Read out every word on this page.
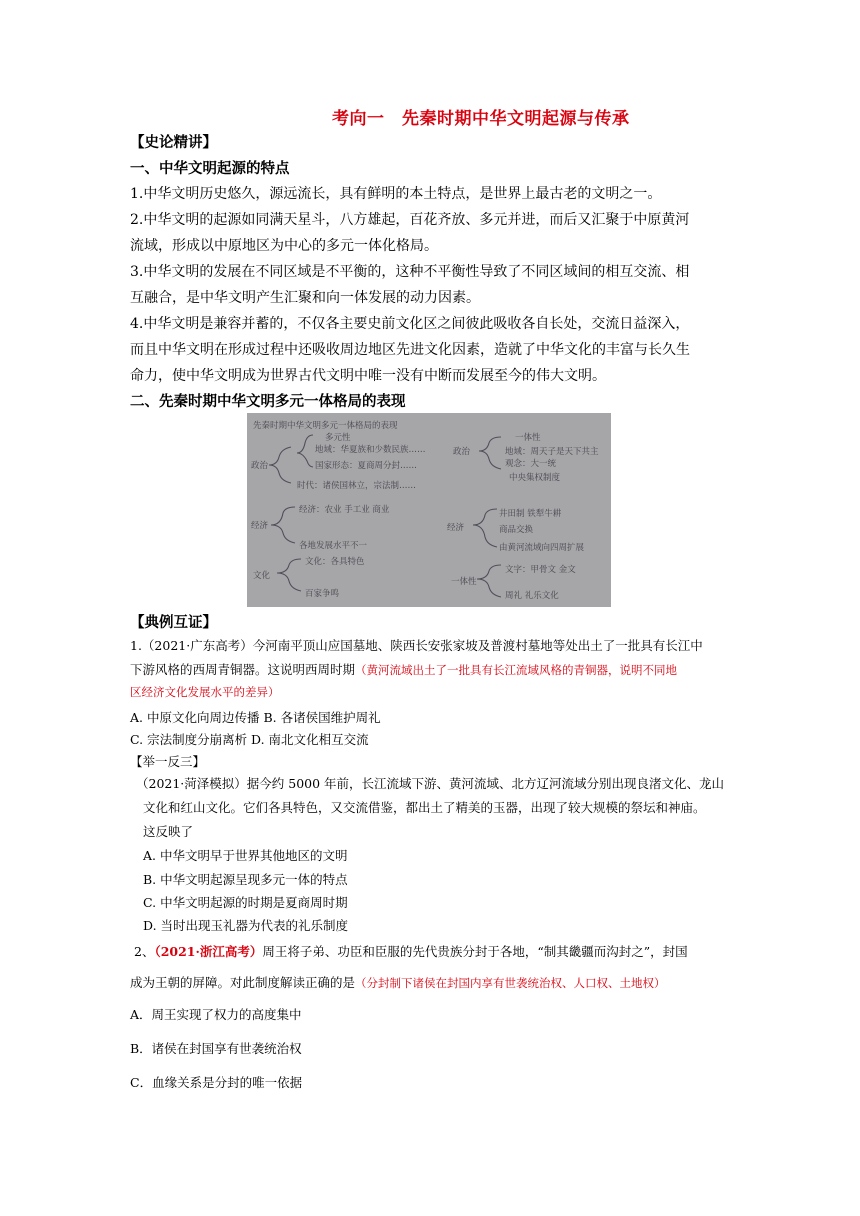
考向一　先秦时期中华文明起源与传承
【史论精讲】
一、中华文明起源的特点
1.中华文明历史悠久，源远流长，具有鲜明的本土特点，是世界上最古老的文明之一。
2.中华文明的起源如同满天星斗，八方雄起，百花齐放、多元并进，而后又汇聚于中原黄河
流域，形成以中原地区为中心的多元一体化格局。
3.中华文明的发展在不同区域是不平衡的，这种不平衡性导致了不同区域间的相互交流、相
互融合，是中华文明产生汇聚和向一体发展的动力因素。
4.中华文明是兼容并蓄的，不仅各主要史前文化区之间彼此吸收各自长处，交流日益深入，
而且中华文明在形成过程中还吸收周边地区先进文化因素，造就了中华文化的丰富与长久生
命力，使中华文明成为世界古代文明中唯一没有中断而发展至今的伟大文明。
二、先秦时期中华文明多元一体格局的表现
先秦时期中华文明多元一体格局的表现
多元性	一体性
政治
地域：华夏族和少数民族……
国家形态：夏商周分封……
时代：诸侯国林立，宗法制……
经济
经济：农业 手工业 商业
各地发展水平不一
文化
文化：各具特色
百家争鸣
政治	地域：周天子是天下共主
观念：大一统
中央集权制度
经济
井田制 铁犁牛耕
商品交换
由黄河流域向四周扩展
一体性
文字：甲骨文 金文
周礼 礼乐文化
【典例互证】
1.（2021·广东高考）今河南平顶山应国墓地、陕西长安张家坡及普渡村墓地等处出土了一批具有长江中
下游风格的西周青铜器。这说明西周时期（黄河流域出土了一批具有长江流域风格的青铜器，说明不同地
区经济文化发展水平的差异）
A. 中原文化向周边传播 B. 各诸侯国维护周礼
C. 宗法制度分崩离析 D. 南北文化相互交流
【举一反三】
（2021·菏泽模拟）据今约 5000 年前，长江流域下游、黄河流域、北方辽河流域分别出现良渚文化、龙山
文化和红山文化。它们各具特色，又交流借鉴，都出土了精美的玉器，出现了较大规模的祭坛和神庙。
这反映了
A. 中华文明早于世界其他地区的文明
B. 中华文明起源呈现多元一体的特点
C. 中华文明起源的时期是夏商周时期
D. 当时出现玉礼器为代表的礼乐制度
2、（2021·浙江高考）周王将子弟、功臣和臣服的先代贵族分封于各地，“制其畿疆而沟封之”，封国
成为王朝的屏障。对此制度解读正确的是（分封制下诸侯在封国内享有世袭统治权、人口权、土地权）
A．周王实现了权力的高度集中
B．诸侯在封国享有世袭统治权
C．血缘关系是分封的唯一依据
